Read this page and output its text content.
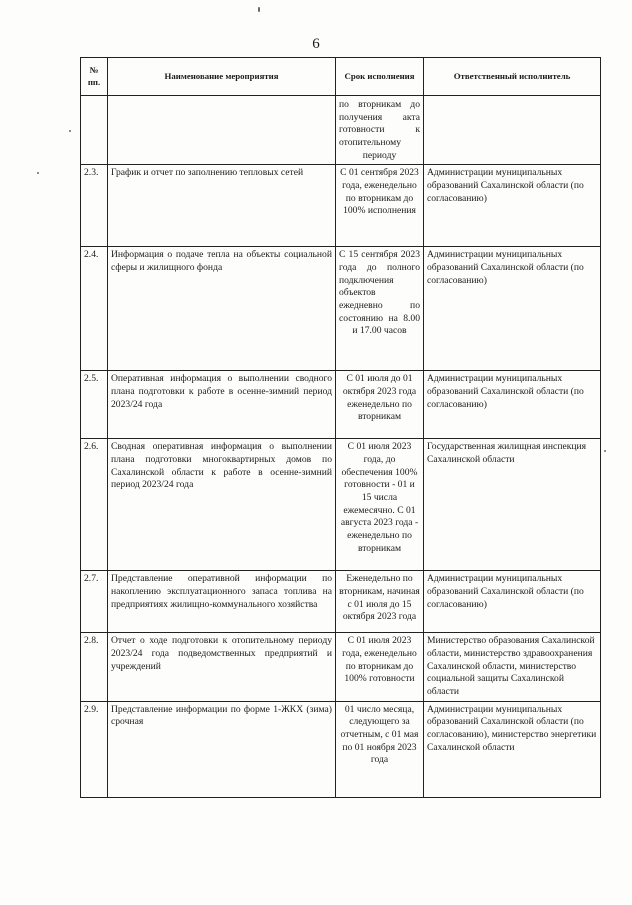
6
№ пп.	Наименование мероприятия	Срок исполнения	Ответственный исполнитель
		по вторникам до получения акта готовности к отопительному периоду	
2.3.	График и отчет по заполнению тепловых сетей	С 01 сентября 2023 года, еженедельно по вторникам до 100% исполнения	Администрации муниципальных образований Сахалинской области (по согласованию)
2.4.	Информация о подаче тепла на объекты социальной сферы и жилищного фонда	С 15 сентября 2023 года до полного подключения объектов ежедневно по состоянию на 8.00 и 17.00 часов	Администрации муниципальных образований Сахалинской области (по согласованию)
2.5.	Оперативная информация о выполнении сводного плана подготовки к работе в осенне-зимний период 2023/24 года	С 01 июля до 01 октября 2023 года еженедельно по вторникам	Администрации муниципальных образований Сахалинской области (по согласованию)
2.6.	Сводная оперативная информация о выполнении плана подготовки многоквартирных домов по Сахалинской области к работе в осенне-зимний период 2023/24 года	С 01 июля 2023 года, до обеспечения 100% готовности - 01 и 15 числа ежемесячно. С 01 августа 2023 года - еженедельно по вторникам	Государственная жилищная инспекция Сахалинской области
2.7.	Представление оперативной информации по накоплению эксплуатационного запаса топлива на предприятиях жилищно-коммунального хозяйства	Еженедельно по вторникам, начиная с 01 июля до 15 октября 2023 года	Администрации муниципальных образований Сахалинской области (по согласованию)
2.8.	Отчет о ходе подготовки к отопительному периоду 2023/24 года подведомственных предприятий и учреждений	С 01 июля 2023 года, еженедельно по вторникам до 100% готовности	Министерство образования Сахалинской области, министерство здравоохранения Сахалинской области, министерство социальной защиты Сахалинской области
2.9.	Представление информации по форме 1-ЖКХ (зима) срочная	01 число месяца, следующего за отчетным, с 01 мая по 01 ноября 2023 года	Администрации муниципальных образований Сахалинской области (по согласованию), министерство энергетики Сахалинской области
